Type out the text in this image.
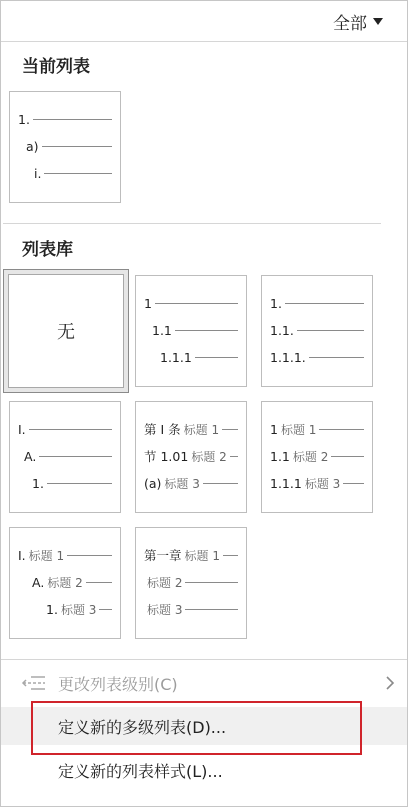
全部
当前列表
1.
a)
i.
列表库
无
1
1.1
1.1.1
1.
1.1.
1.1.1.
I.
A.
1.
第 I 条 标题 1
节 1.01 标题 2
(a) 标题 3
1 标题 1
1.1 标题 2
1.1.1 标题 3
I. 标题 1
A. 标题 2
1. 标题 3
第一章 标题 1
标题 2
标题 3
更改列表级别(C)
定义新的多级列表(D)...
定义新的列表样式(L)...
